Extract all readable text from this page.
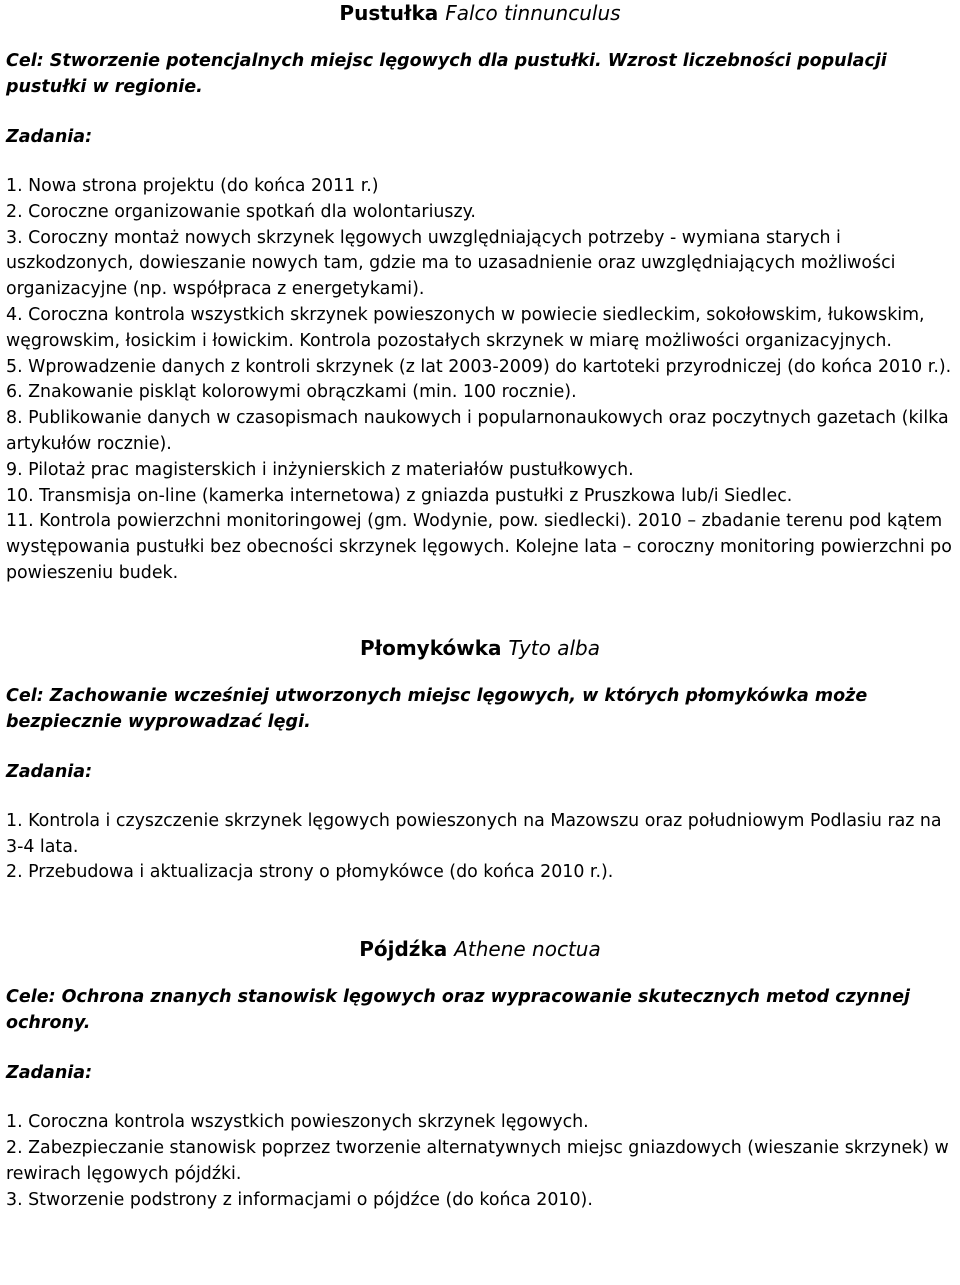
Pustułka Falco tinnunculus

Cel: Stworzenie potencjalnych miejsc lęgowych dla pustułki. Wzrost liczebności populacji pustułki w regionie.

Zadania:

1. Nowa strona projektu (do końca 2011 r.)
2. Coroczne organizowanie spotkań dla wolontariuszy.
3. Coroczny montaż nowych skrzynek lęgowych uwzględniających potrzeby - wymiana starych i uszkodzonych, dowieszanie nowych tam, gdzie ma to uzasadnienie oraz uwzględniających możliwości organizacyjne (np. współpraca z energetykami).
4. Coroczna kontrola wszystkich skrzynek powieszonych w powiecie siedleckim, sokołowskim, łukowskim, węgrowskim, łosickim i łowickim. Kontrola pozostałych skrzynek w miarę możliwości organizacyjnych.
5. Wprowadzenie danych z kontroli skrzynek (z lat 2003-2009) do kartoteki przyrodniczej (do końca 2010 r.).
6. Znakowanie piskląt kolorowymi obrączkami (min. 100 rocznie).
8. Publikowanie danych w czasopismach naukowych i popularnonaukowych oraz poczytnych gazetach (kilka artykułów rocznie).
9. Pilotaż prac magisterskich i inżynierskich z materiałów pustułkowych.
10. Transmisja on-line (kamerka internetowa) z gniazda pustułki z Pruszkowa lub/i Siedlec.
11. Kontrola powierzchni monitoringowej (gm. Wodynie, pow. siedlecki). 2010 – zbadanie terenu pod kątem występowania pustułki bez obecności skrzynek lęgowych. Kolejne lata – coroczny monitoring powierzchni po powieszeniu budek.
Płomykówka Tyto alba

Cel: Zachowanie wcześniej utworzonych miejsc lęgowych, w których płomykówka może bezpiecznie wyprowadzać lęgi.

Zadania:

1. Kontrola i czyszczenie skrzynek lęgowych powieszonych na Mazowszu oraz południowym Podlasiu raz na 3-4 lata.
2. Przebudowa i aktualizacja strony o płomykówce (do końca 2010 r.).
Pójdźka Athene noctua

Cele: Ochrona znanych stanowisk lęgowych oraz wypracowanie skutecznych metod czynnej ochrony.

Zadania:

1. Coroczna kontrola wszystkich powieszonych skrzynek lęgowych.
2. Zabezpieczanie stanowisk poprzez tworzenie alternatywnych miejsc gniazdowych (wieszanie skrzynek) w rewirach lęgowych pójdźki.
3. Stworzenie podstrony z informacjami o pójdźce (do końca 2010).
